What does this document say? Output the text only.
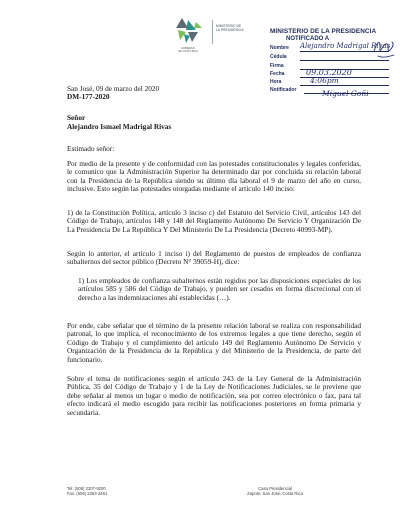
GOBIERNO
DE COSTA RICA
MINISTERIO DE
LA PRESIDENCIA	MINISTERIO DE LA PRESIDENCIA
NOTIFICADO A
Nombre Alejandro Madrigal Rivas
Cédula
Firma
Fecha	09.03.2020
Hora	4:06pm
Notificador	Miguel Goñi
San José, 09 de marzo del 2020
DM-177-2020
Señor
Alejandro Ismael Madrigal Rivas
Estimado señor:

Por medio de la presente y de conformidad con las potestades constitucionales y legales conferidas, le comunico que la Administración Superior ha determinado dar por concluida su relación laboral con la Presidencia de la República siendo su último día laboral el 9 de marzo del año en curso, inclusive. Esto según las potestades otorgadas mediante el artículo 140 inciso:

1) de la Constitución Política, artículo 3 inciso c) del Estatuto del Servicio Civil, artículos 143 del Código de Trabajo, artículos 148 y 148 del Reglamento Autónomo De Servicio Y Organización De La Presidencia De La República Y Del Ministerio De La Presidencia (Decreto 40993-MP).

Según lo anterior, el artículo 1 inciso i) del Reglamento de puestos de empleados de confianza subalternos del sector público (Decreto N° 39059-H), dice:

1) Los empleados de confianza subalternos están regidos por las disposiciones especiales de los artículos 585 y 586 del Código de Trabajo, y pueden ser cesados en forma discrecional con el derecho a las indemnizaciones ahí establecidas (…).

Por ende, cabe señalar que el término de la presente relación laboral se realiza con responsabilidad patronal, lo que implica, el reconocimiento de los extremos legales a que tiene derecho, según el Código de Trabajo y el cumplimiento del artículo 149 del Reglamento Autónomo De Servicio y Organización de la Presidencia de la República y del Ministerio de la Presidencia, de parte del funcionario.

Sobre el tema de notificaciones según el artículo 243 de la Ley General de la Administración Pública, 35 del Código de Trabajo y 1 de la Ley de Notificaciones Judiciales, se le previene que debe señalar al menos un lugar o medio de notificación, sea por correo electrónico o fax, para tal efecto indicará el medio escogido para recibir las notificaciones posteriores en forma primaria y secundaria.

Tel: (506) 2207-9200
Fax: (506) 2253-3481
Casa Presidencial
Zapote, San José, Costa Rica
